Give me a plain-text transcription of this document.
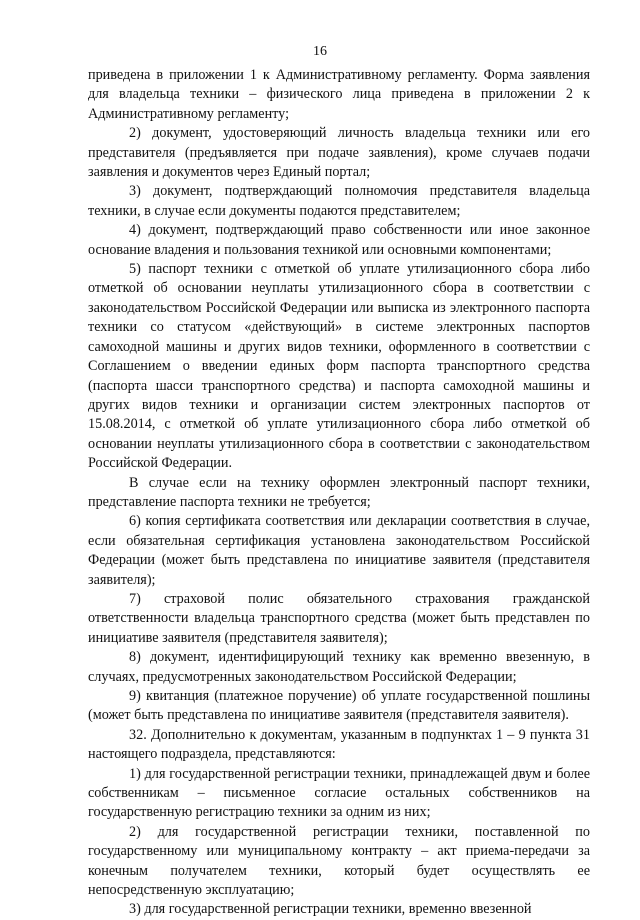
16

приведена в приложении 1 к Административному регламенту. Форма заявления для владельца техники – физического лица приведена в приложении 2 к Административному регламенту;

2) документ, удостоверяющий личность владельца техники или его представителя (предъявляется при подаче заявления), кроме случаев подачи заявления и документов через Единый портал;

3) документ, подтверждающий полномочия представителя владельца техники, в случае если документы подаются представителем;

4) документ, подтверждающий право собственности или иное законное основание владения и пользования техникой или основными компонентами;

5) паспорт техники с отметкой об уплате утилизационного сбора либо отметкой об основании неуплаты утилизационного сбора в соответствии с законодательством Российской Федерации или выписка из электронного паспорта техники со статусом «действующий» в системе электронных паспортов самоходной машины и других видов техники, оформленного в соответствии с Соглашением о введении единых форм паспорта транспортного средства (паспорта шасси транспортного средства) и паспорта самоходной машины и других видов техники и организации систем электронных паспортов от 15.08.2014, с отметкой об уплате утилизационного сбора либо отметкой об основании неуплаты утилизационного сбора в соответствии с законодательством Российской Федерации.

В случае если на технику оформлен электронный паспорт техники, представление паспорта техники не требуется;

6) копия сертификата соответствия или декларации соответствия в случае, если обязательная сертификация установлена законодательством Российской Федерации (может быть представлена по инициативе заявителя (представителя заявителя);

7) страховой полис обязательного страхования гражданской ответственности владельца транспортного средства (может быть представлен по инициативе заявителя (представителя заявителя);

8) документ, идентифицирующий технику как временно ввезенную, в случаях, предусмотренных законодательством Российской Федерации;

9) квитанция (платежное поручение) об уплате государственной пошлины (может быть представлена по инициативе заявителя (представителя заявителя).

32. Дополнительно к документам, указанным в подпунктах 1 – 9 пункта 31 настоящего подраздела, представляются:

1) для государственной регистрации техники, принадлежащей двум и более собственникам – письменное согласие остальных собственников на государственную регистрацию техники за одним из них;

2) для государственной регистрации техники, поставленной по государственному или муниципальному контракту – акт приема-передачи за конечным получателем техники, который будет осуществлять ее непосредственную эксплуатацию;

3) для государственной регистрации техники, временно ввезенной
